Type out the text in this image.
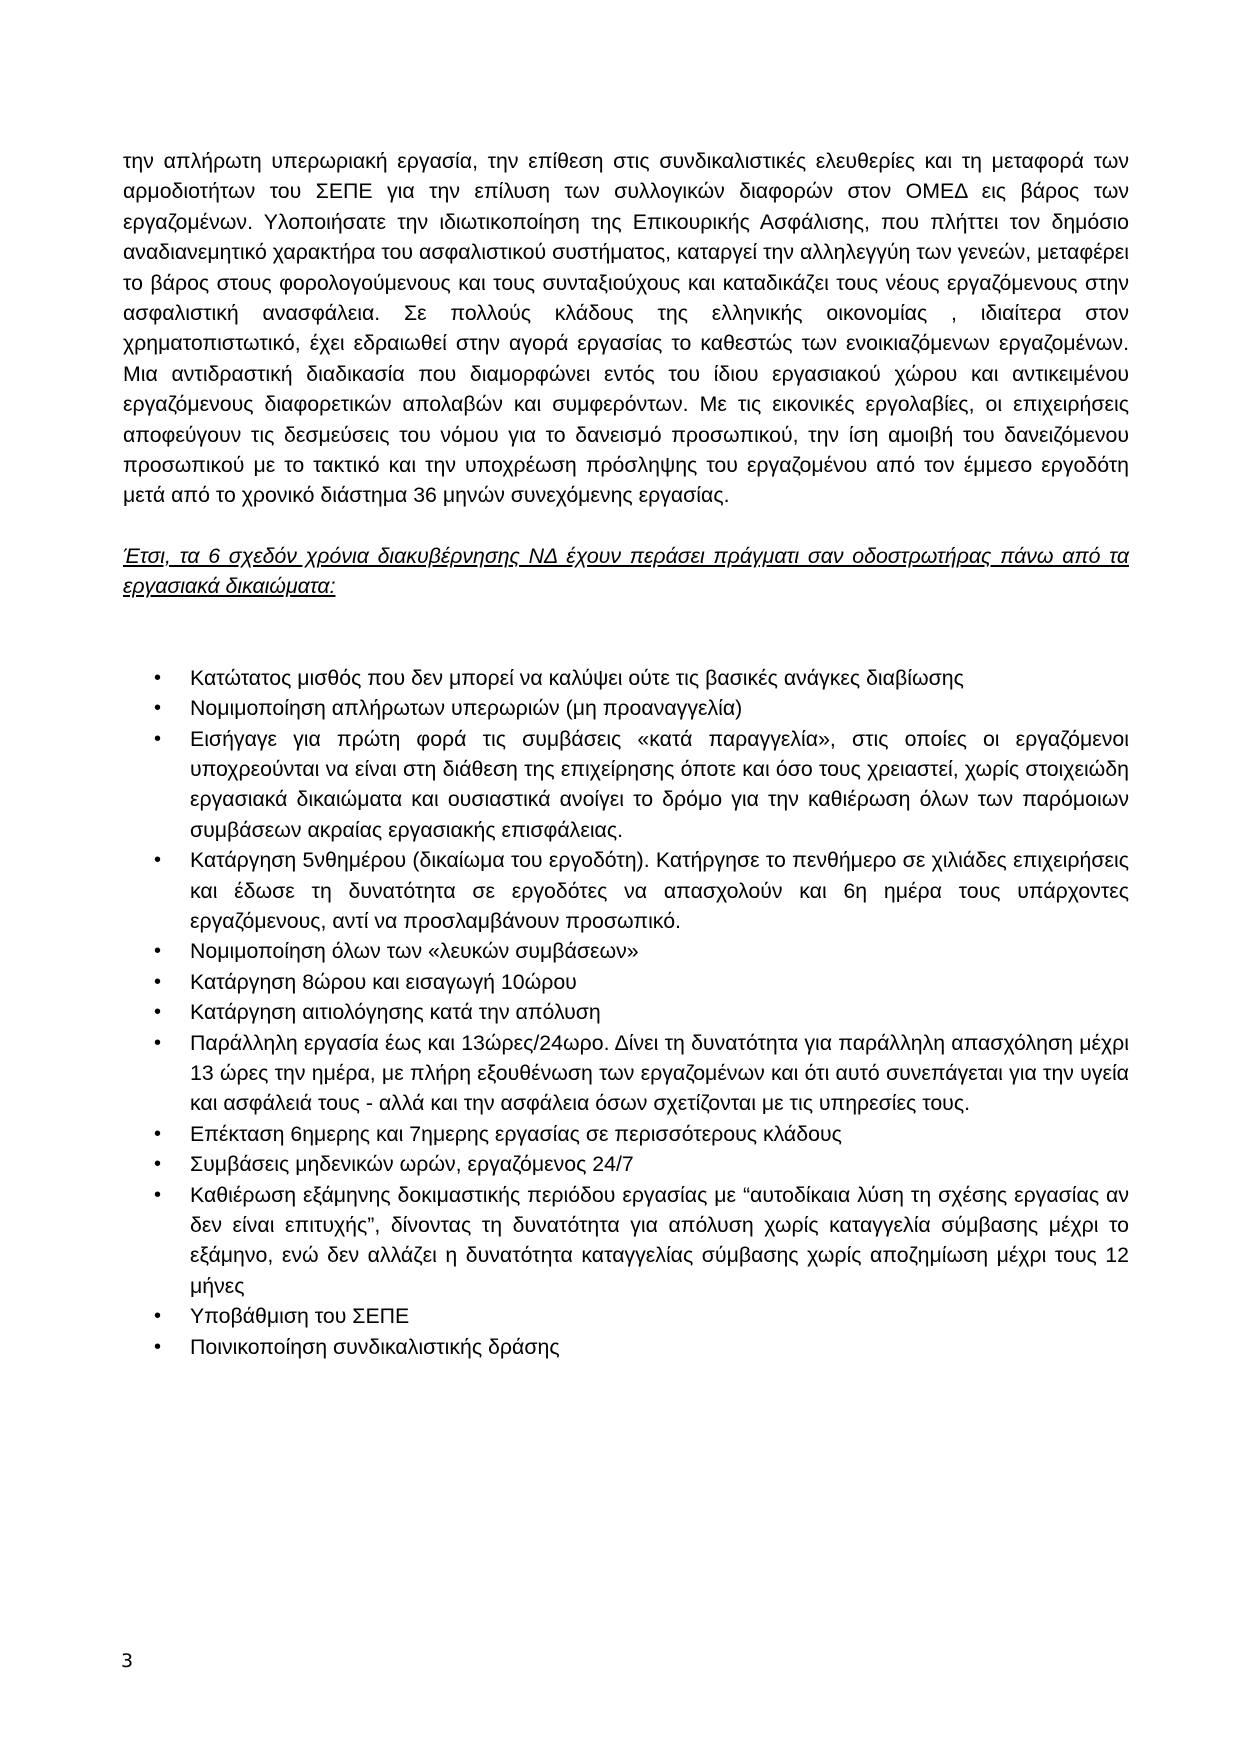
την απλήρωτη υπερωριακή εργασία, την επίθεση στις συνδικαλιστικές ελευθερίες και τη μεταφορά των αρμοδιοτήτων του ΣΕΠΕ για την επίλυση των συλλογικών διαφορών στον ΟΜΕΔ εις βάρος των εργαζομένων. Υλοποιήσατε την ιδιωτικοποίηση της Επικουρικής Ασφάλισης, που πλήττει τον δημόσιο αναδιανεμητικό χαρακτήρα του ασφαλιστικού συστήματος, καταργεί την αλληλεγγύη των γενεών, μεταφέρει το βάρος στους φορολογούμενους και τους συνταξιούχους και καταδικάζει τους νέους εργαζόμενους στην ασφαλιστική ανασφάλεια. Σε πολλούς κλάδους της ελληνικής οικονομίας , ιδιαίτερα στον χρηματοπιστωτικό, έχει εδραιωθεί στην αγορά εργασίας το καθεστώς των ενοικιαζόμενων εργαζομένων. Μια αντιδραστική διαδικασία που διαμορφώνει εντός του ίδιου εργασιακού χώρου και αντικειμένου εργαζόμενους διαφορετικών απολαβών και συμφερόντων. Με τις εικονικές εργολαβίες, οι επιχειρήσεις αποφεύγουν τις δεσμεύσεις του νόμου για το δανεισμό προσωπικού, την ίση αμοιβή του δανειζόμενου προσωπικού με το τακτικό και την υποχρέωση πρόσληψης του εργαζομένου από τον έμμεσο εργοδότη μετά από το χρονικό διάστημα 36 μηνών συνεχόμενης εργασίας.

Έτσι, τα 6 σχεδόν χρόνια διακυβέρνησης ΝΔ έχουν περάσει πράγματι σαν οδοστρωτήρας πάνω από τα εργασιακά δικαιώματα:

• Κατώτατος μισθός που δεν μπορεί να καλύψει ούτε τις βασικές ανάγκες διαβίωσης
• Νομιμοποίηση απλήρωτων υπερωριών (μη προαναγγελία)
• Εισήγαγε για πρώτη φορά τις συμβάσεις «κατά παραγγελία», στις οποίες οι εργαζόμενοι υποχρεούνται να είναι στη διάθεση της επιχείρησης όποτε και όσο τους χρειαστεί, χωρίς στοιχειώδη εργασιακά δικαιώματα και ουσιαστικά ανοίγει το δρόμο για την καθιέρωση όλων των παρόμοιων συμβάσεων ακραίας εργασιακής επισφάλειας.
• Κατάργηση 5νθημέρου (δικαίωμα του εργοδότη). Κατήργησε το πενθήμερο σε χιλιάδες επιχειρήσεις και έδωσε τη δυνατότητα σε εργοδότες να απασχολούν και 6η ημέρα τους υπάρχοντες εργαζόμενους, αντί να προσλαμβάνουν προσωπικό.
• Νομιμοποίηση όλων των «λευκών συμβάσεων»
• Κατάργηση 8ώρου και εισαγωγή 10ώρου
• Κατάργηση αιτιολόγησης κατά την απόλυση
• Παράλληλη εργασία έως και 13ώρες/24ωρο. Δίνει τη δυνατότητα για παράλληλη απασχόληση μέχρι 13 ώρες την ημέρα, με πλήρη εξουθένωση των εργαζομένων και ότι αυτό συνεπάγεται για την υγεία και ασφάλειά τους - αλλά και την ασφάλεια όσων σχετίζονται με τις υπηρεσίες τους.
• Επέκταση 6ημερης και 7ημερης εργασίας σε περισσότερους κλάδους
• Συμβάσεις μηδενικών ωρών, εργαζόμενος 24/7
• Καθιέρωση εξάμηνης δοκιμαστικής περιόδου εργασίας με “αυτοδίκαια λύση τη σχέσης εργασίας αν δεν είναι επιτυχής”, δίνοντας τη δυνατότητα για απόλυση χωρίς καταγγελία σύμβασης μέχρι το εξάμηνο, ενώ δεν αλλάζει η δυνατότητα καταγγελίας σύμβασης χωρίς αποζημίωση μέχρι τους 12 μήνες
• Υποβάθμιση του ΣΕΠΕ
• Ποινικοποίηση συνδικαλιστικής δράσης
3
